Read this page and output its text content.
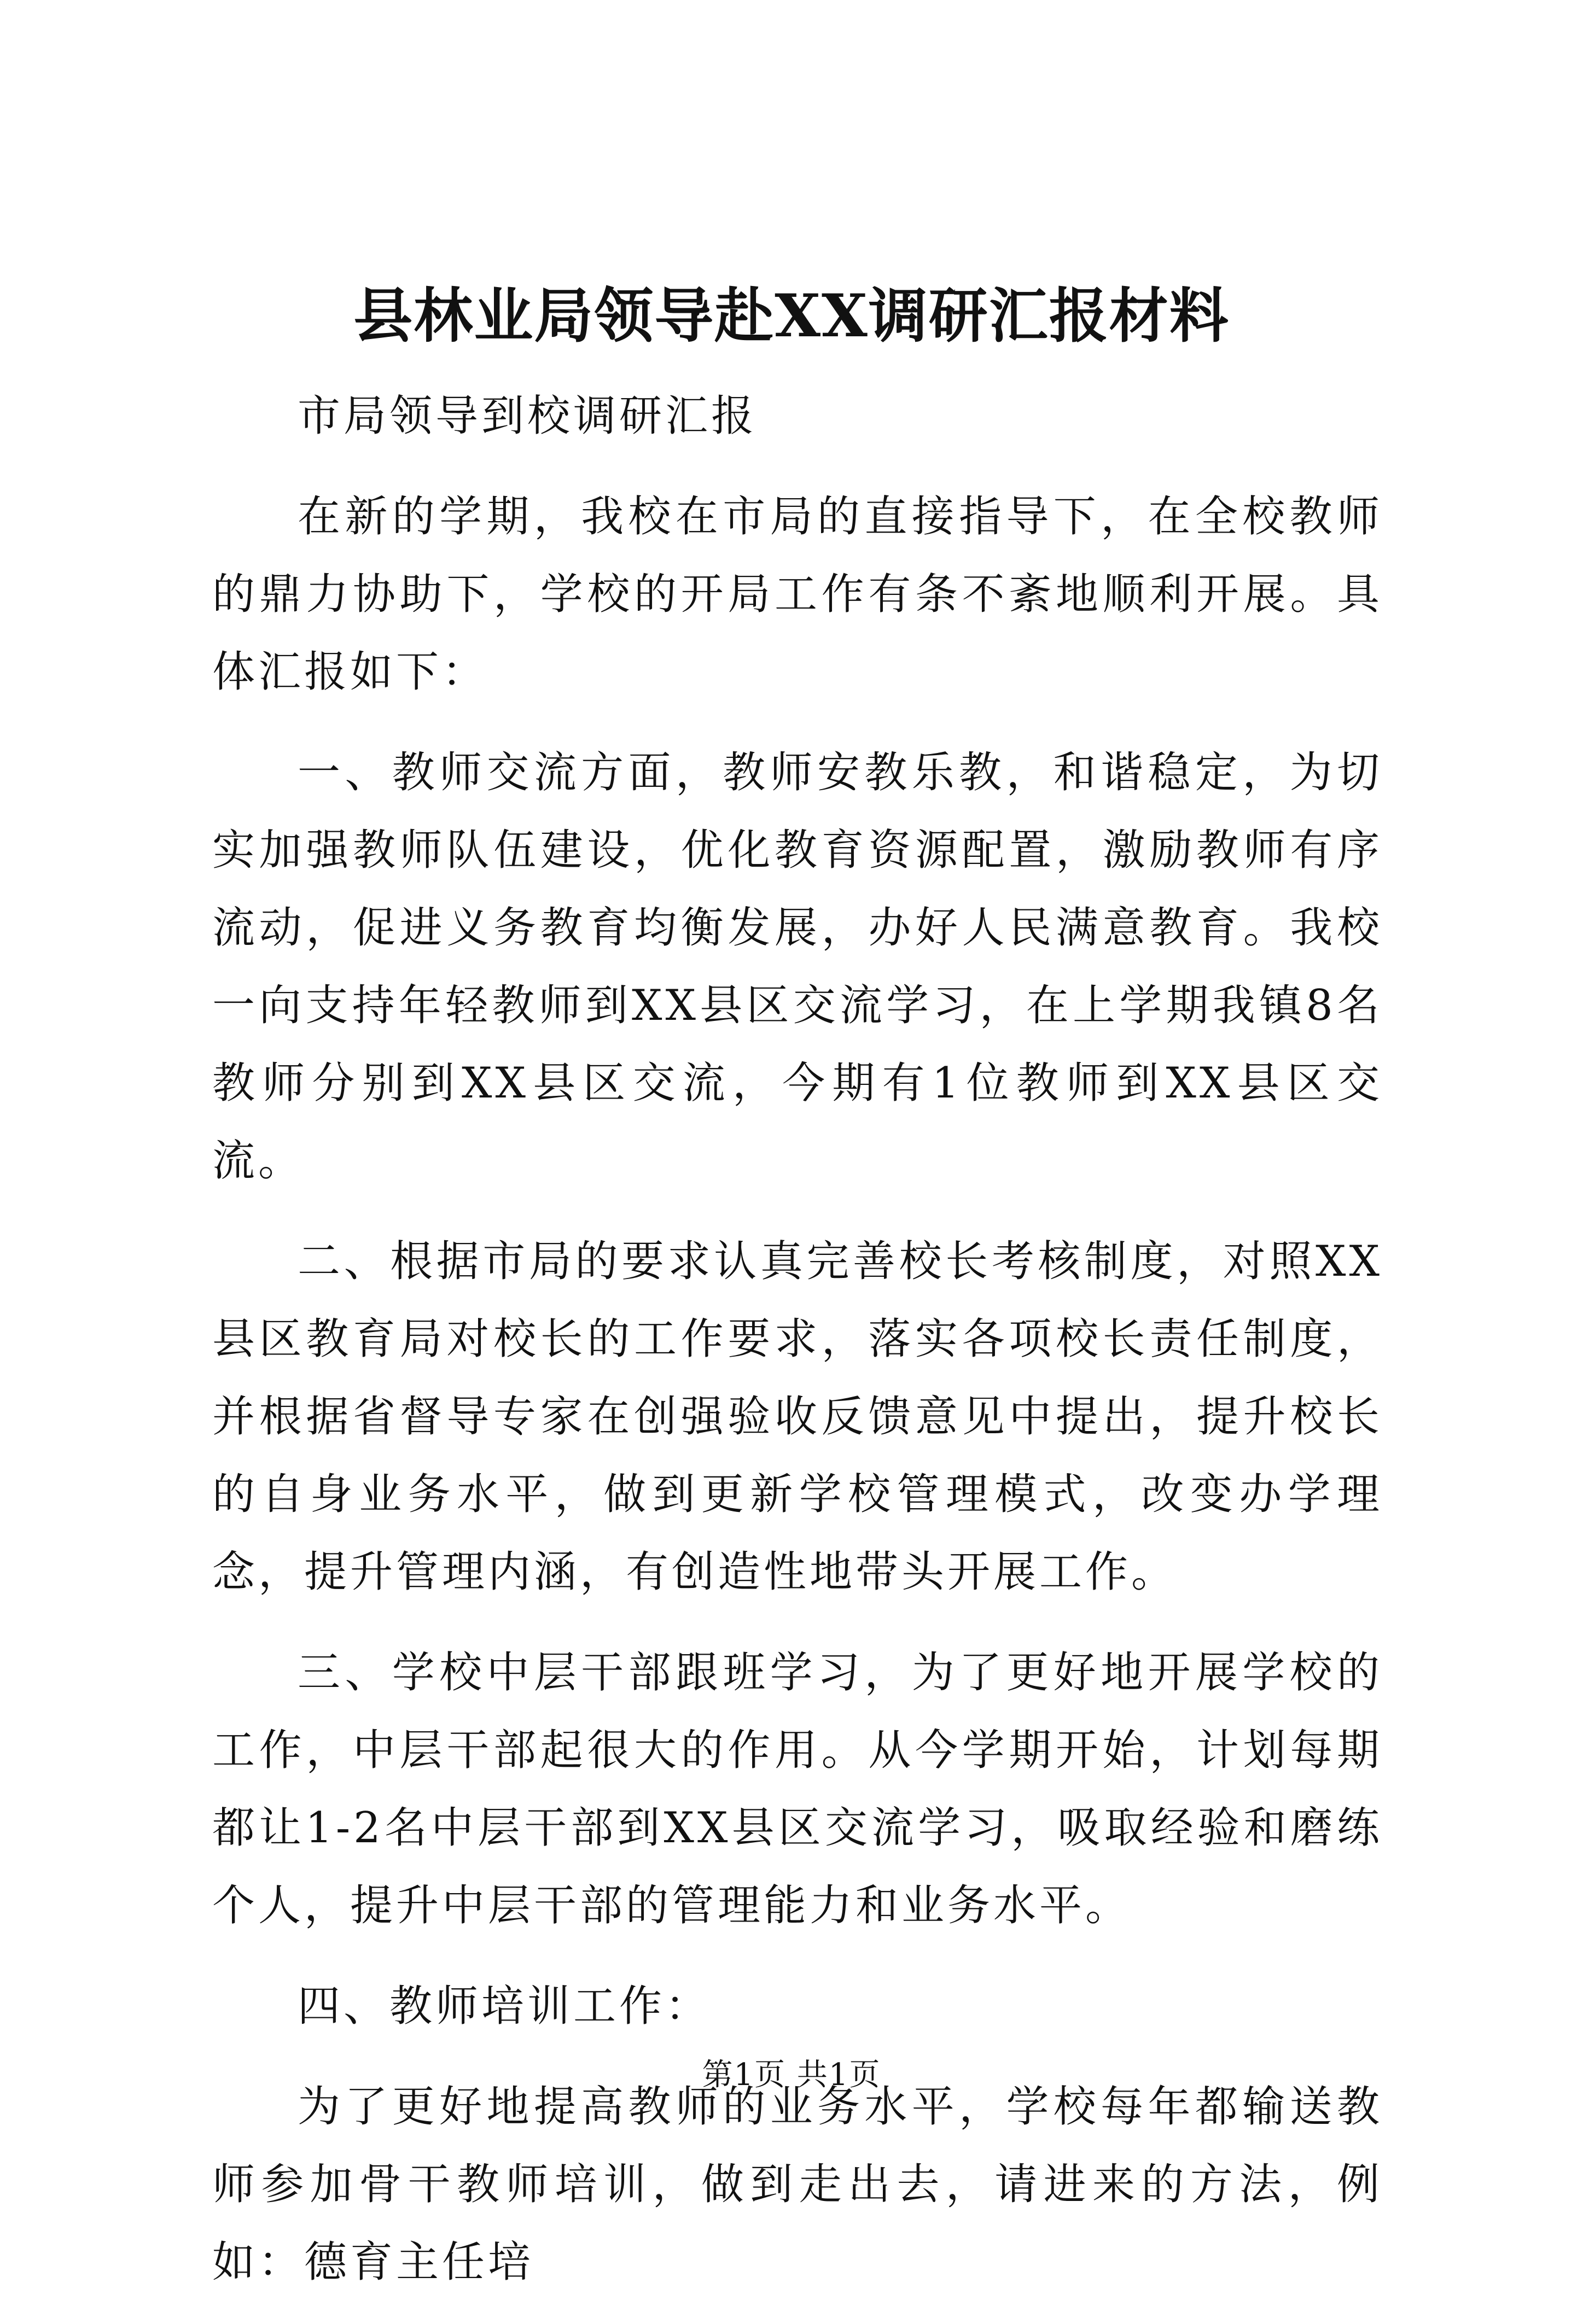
县林业局领导赴XX调研汇报材料

市局领导到校调研汇报

在新的学期，我校在市局的直接指导下，在全校教师的鼎力协助下，学校的开局工作有条不紊地顺利开展。具体汇报如下：

一、教师交流方面，教师安教乐教，和谐稳定，为切实加强教师队伍建设，优化教育资源配置，激励教师有序流动，促进义务教育均衡发展，办好人民满意教育。我校一向支持年轻教师到XX县区交流学习，在上学期我镇8名教师分别到XX县区交流，今期有1位教师到XX县区交流。

二、根据市局的要求认真完善校长考核制度，对照XX县区教育局对校长的工作要求，落实各项校长责任制度，并根据省督导专家在创强验收反馈意见中提出，提升校长的自身业务水平，做到更新学校管理模式，改变办学理念，提升管理内涵，有创造性地带头开展工作。

三、学校中层干部跟班学习，为了更好地开展学校的工作，中层干部起很大的作用。从今学期开始，计划每期都让1-2名中层干部到XX县区交流学习，吸取经验和磨练个人，提升中层干部的管理能力和业务水平。

四、教师培训工作：

为了更好地提高教师的业务水平，学校每年都输送教师参加骨干教师培训，做到走出去，请进来的方法，例如：德育主任培

第1页 共1页
